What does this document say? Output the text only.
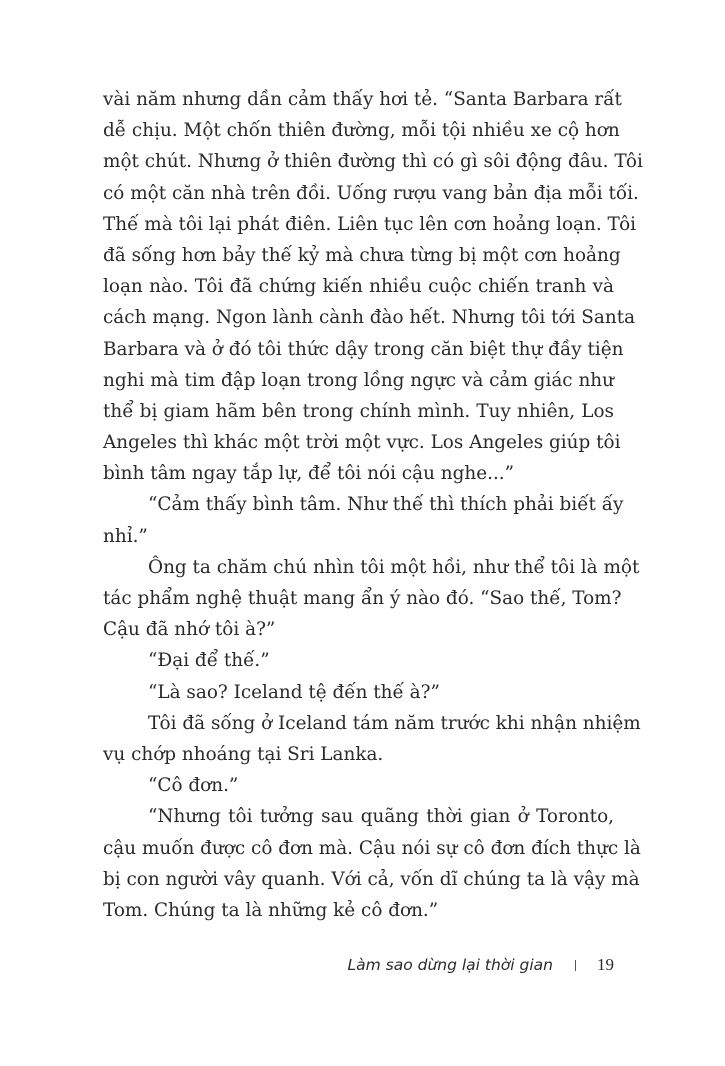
vài năm nhưng dần cảm thấy hơi tẻ. “Santa Barbara rất
dễ chịu. Một chốn thiên đường, mỗi tội nhiều xe cộ hơn
một chút. Nhưng ở thiên đường thì có gì sôi động đâu. Tôi
có một căn nhà trên đồi. Uống rượu vang bản địa mỗi tối.
Thế mà tôi lại phát điên. Liên tục lên cơn hoảng loạn. Tôi
đã sống hơn bảy thế kỷ mà chưa từng bị một cơn hoảng
loạn nào. Tôi đã chứng kiến nhiều cuộc chiến tranh và
cách mạng. Ngon lành cành đào hết. Nhưng tôi tới Santa
Barbara và ở đó tôi thức dậy trong căn biệt thự đầy tiện
nghi mà tim đập loạn trong lồng ngực và cảm giác như
thể bị giam hãm bên trong chính mình. Tuy nhiên, Los
Angeles thì khác một trời một vực. Los Angeles giúp tôi
bình tâm ngay tắp lự, để tôi nói cậu nghe...”
“Cảm thấy bình tâm. Như thế thì thích phải biết ấy
nhỉ.”
Ông ta chăm chú nhìn tôi một hồi, như thể tôi là một
tác phẩm nghệ thuật mang ẩn ý nào đó. “Sao thế, Tom?
Cậu đã nhớ tôi à?”
“Đại để thế.”
“Là sao? Iceland tệ đến thế à?”
Tôi đã sống ở Iceland tám năm trước khi nhận nhiệm
vụ chớp nhoáng tại Sri Lanka.
“Cô đơn.”
“Nhưng tôi tưởng sau quãng thời gian ở Toronto,
cậu muốn được cô đơn mà. Cậu nói sự cô đơn đích thực là
bị con người vây quanh. Với cả, vốn dĩ chúng ta là vậy mà
Tom. Chúng ta là những kẻ cô đơn.”
Làm sao dừng lại thời gian	19
